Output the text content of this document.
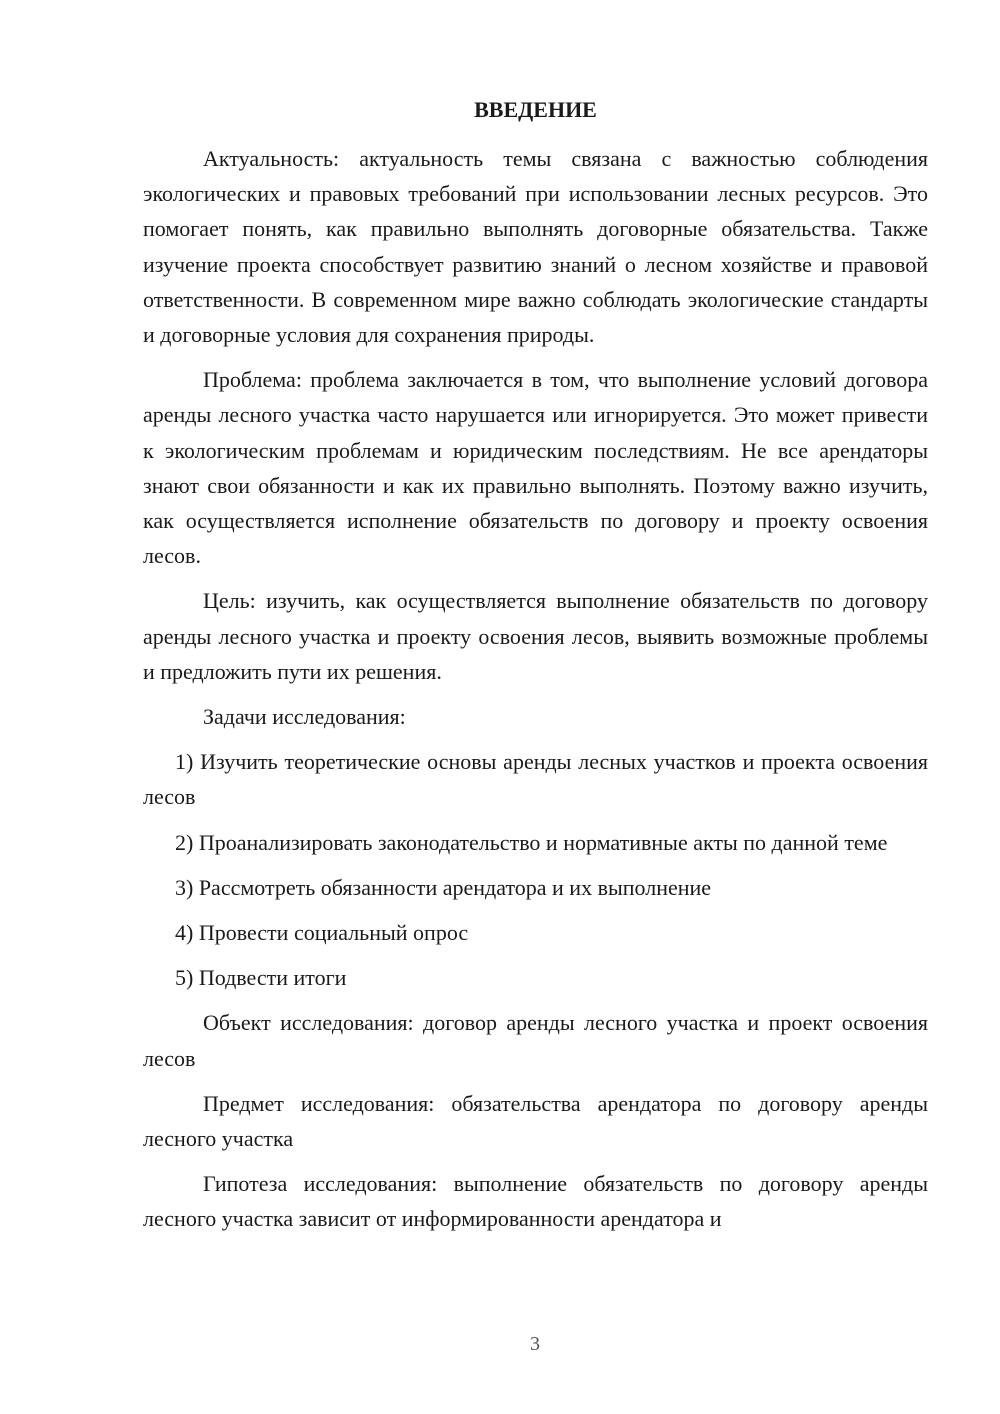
ВВЕДЕНИЕ

Актуальность: актуальность темы связана с важностью соблюдения экологических и правовых требований при использовании лесных ресурсов. Это помогает понять, как правильно выполнять договорные обязательства. Также изучение проекта способствует развитию знаний о лесном хозяйстве и правовой ответственности. В современном мире важно соблюдать экологические стандарты и договорные условия для сохранения природы.

Проблема: проблема заключается в том, что выполнение условий договора аренды лесного участка часто нарушается или игнорируется. Это может привести к экологическим проблемам и юридическим последствиям. Не все арендаторы знают свои обязанности и как их правильно выполнять. Поэтому важно изучить, как осуществляется исполнение обязательств по договору и проекту освоения лесов.

Цель: изучить, как осуществляется выполнение обязательств по договору аренды лесного участка и проекту освоения лесов, выявить возможные проблемы и предложить пути их решения.

Задачи исследования:

1) Изучить теоретические основы аренды лесных участков и проекта освоения лесов

2) Проанализировать законодательство и нормативные акты по данной теме

3) Рассмотреть обязанности арендатора и их выполнение

4) Провести социальный опрос

5) Подвести итоги

Объект исследования: договор аренды лесного участка и проект освоения лесов

Предмет исследования: обязательства арендатора по договору аренды лесного участка

Гипотеза исследования: выполнение обязательств по договору аренды лесного участка зависит от информированности арендатора и

3
